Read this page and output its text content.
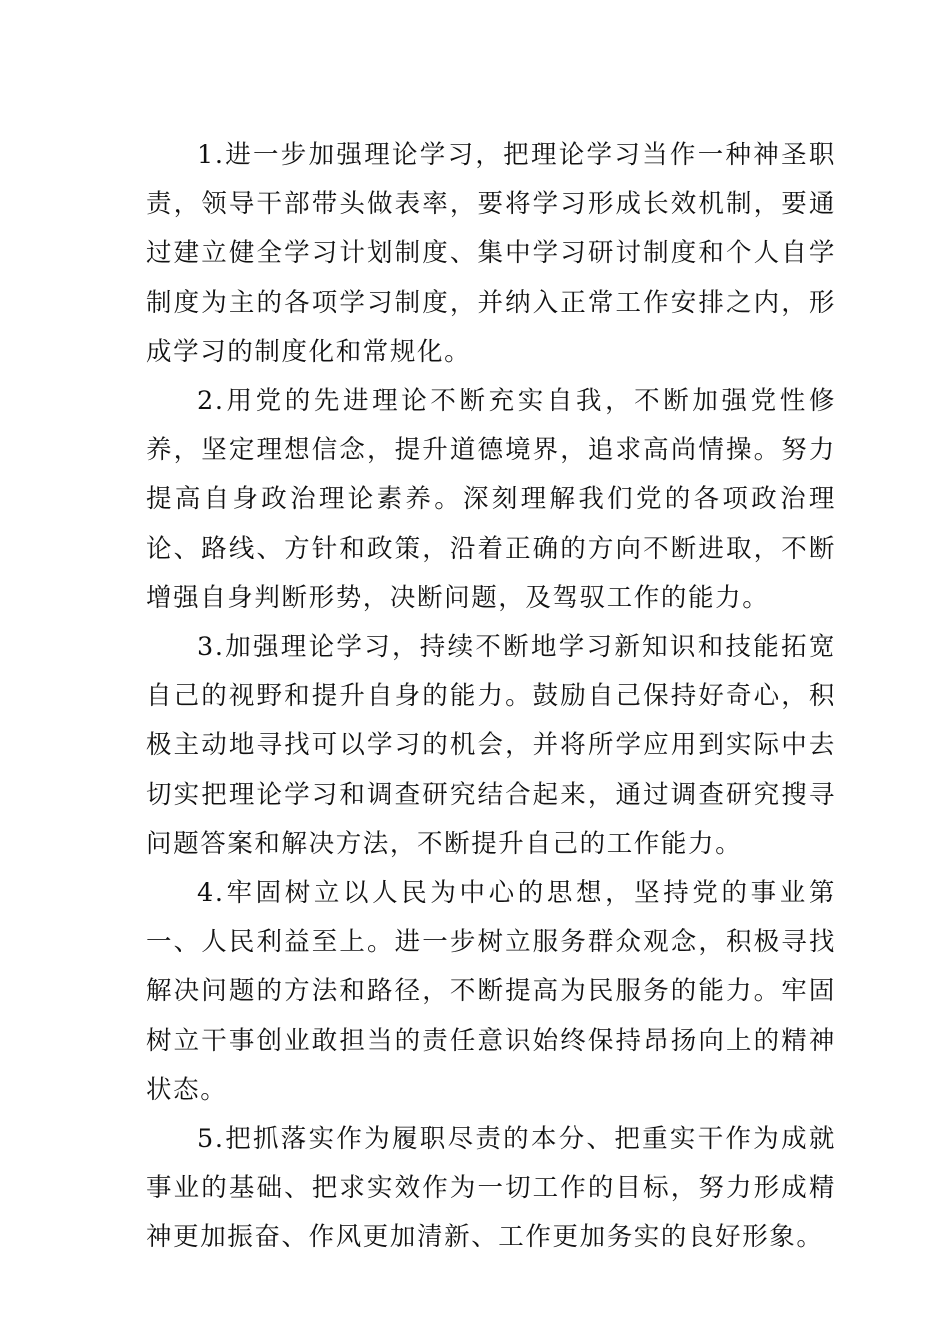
1.进一步加强理论学习，把理论学习当作一种神圣职责，领导干部带头做表率，要将学习形成长效机制，要通过建立健全学习计划制度、集中学习研讨制度和个人自学制度为主的各项学习制度，并纳入正常工作安排之内，形成学习的制度化和常规化。

2.用党的先进理论不断充实自我，不断加强党性修养，坚定理想信念，提升道德境界，追求高尚情操。努力提高自身政治理论素养。深刻理解我们党的各项政治理论、路线、方针和政策，沿着正确的方向不断进取，不断增强自身判断形势，决断问题，及驾驭工作的能力。

3.加强理论学习，持续不断地学习新知识和技能拓宽自己的视野和提升自身的能力。鼓励自己保持好奇心，积极主动地寻找可以学习的机会，并将所学应用到实际中去切实把理论学习和调查研究结合起来，通过调查研究搜寻问题答案和解决方法，不断提升自己的工作能力。

4.牢固树立以人民为中心的思想，坚持党的事业第一、人民利益至上。进一步树立服务群众观念，积极寻找解决问题的方法和路径，不断提高为民服务的能力。牢固树立干事创业敢担当的责任意识始终保持昂扬向上的精神状态。

5.把抓落实作为履职尽责的本分、把重实干作为成就事业的基础、把求实效作为一切工作的目标，努力形成精神更加振奋、作风更加清新、工作更加务实的良好形象。
